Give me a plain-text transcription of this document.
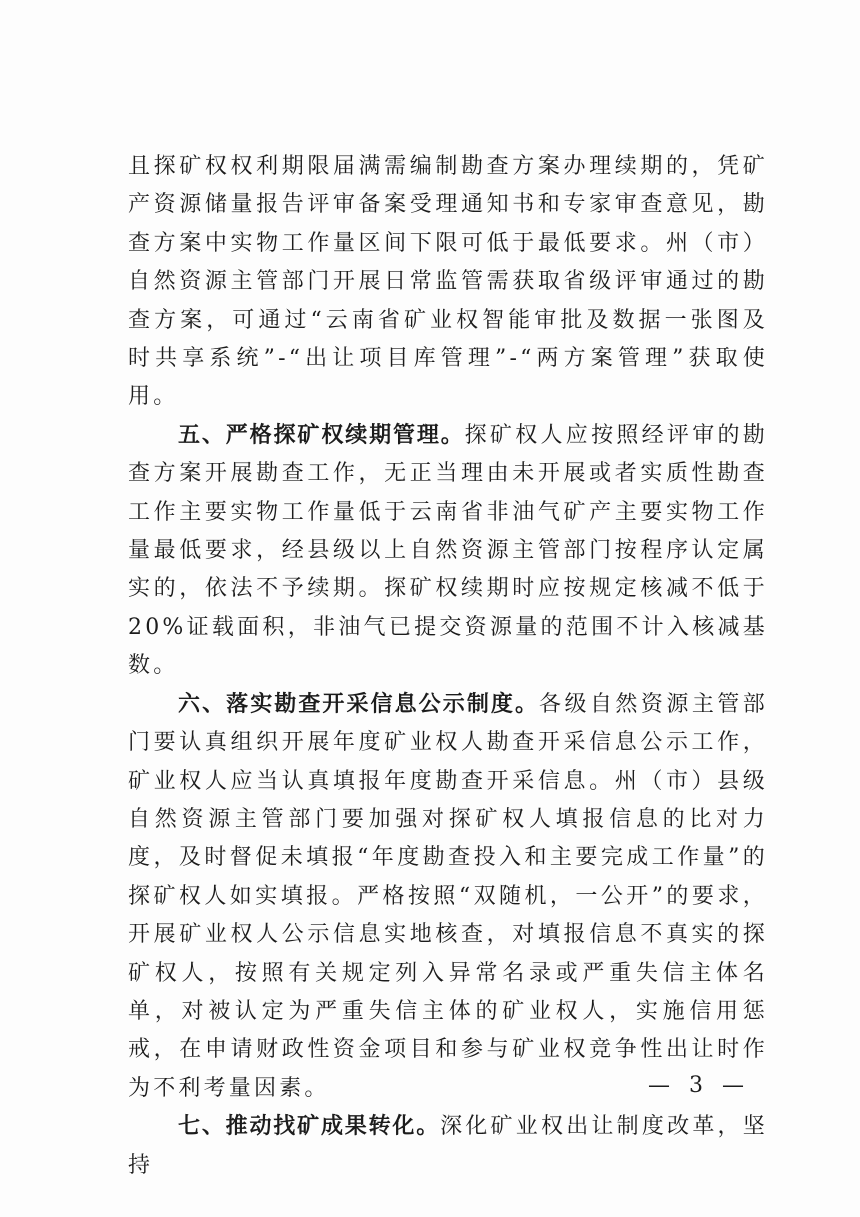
且探矿权权利期限届满需编制勘查方案办理续期的，凭矿产资源储量报告评审备案受理通知书和专家审查意见，勘查方案中实物工作量区间下限可低于最低要求。州（市）自然资源主管部门开展日常监管需获取省级评审通过的勘查方案，可通过“云南省矿业权智能审批及数据一张图及时共享系统”-“出让项目库管理”-“两方案管理”获取使用。

五、严格探矿权续期管理。探矿权人应按照经评审的勘查方案开展勘查工作，无正当理由未开展或者实质性勘查工作主要实物工作量低于云南省非油气矿产主要实物工作量最低要求，经县级以上自然资源主管部门按程序认定属实的，依法不予续期。探矿权续期时应按规定核减不低于 20%证载面积，非油气已提交资源量的范围不计入核减基数。

六、落实勘查开采信息公示制度。各级自然资源主管部门要认真组织开展年度矿业权人勘查开采信息公示工作，矿业权人应当认真填报年度勘查开采信息。州（市）县级自然资源主管部门要加强对探矿权人填报信息的比对力度，及时督促未填报“年度勘查投入和主要完成工作量”的探矿权人如实填报。严格按照“双随机，一公开”的要求，开展矿业权人公示信息实地核查，对填报信息不真实的探矿权人，按照有关规定列入异常名录或严重失信主体名单，对被认定为严重失信主体的矿业权人，实施信用惩戒，在申请财政性资金项目和参与矿业权竞争性出让时作为不利考量因素。

七、推动找矿成果转化。深化矿业权出让制度改革，坚持

— 3 —
